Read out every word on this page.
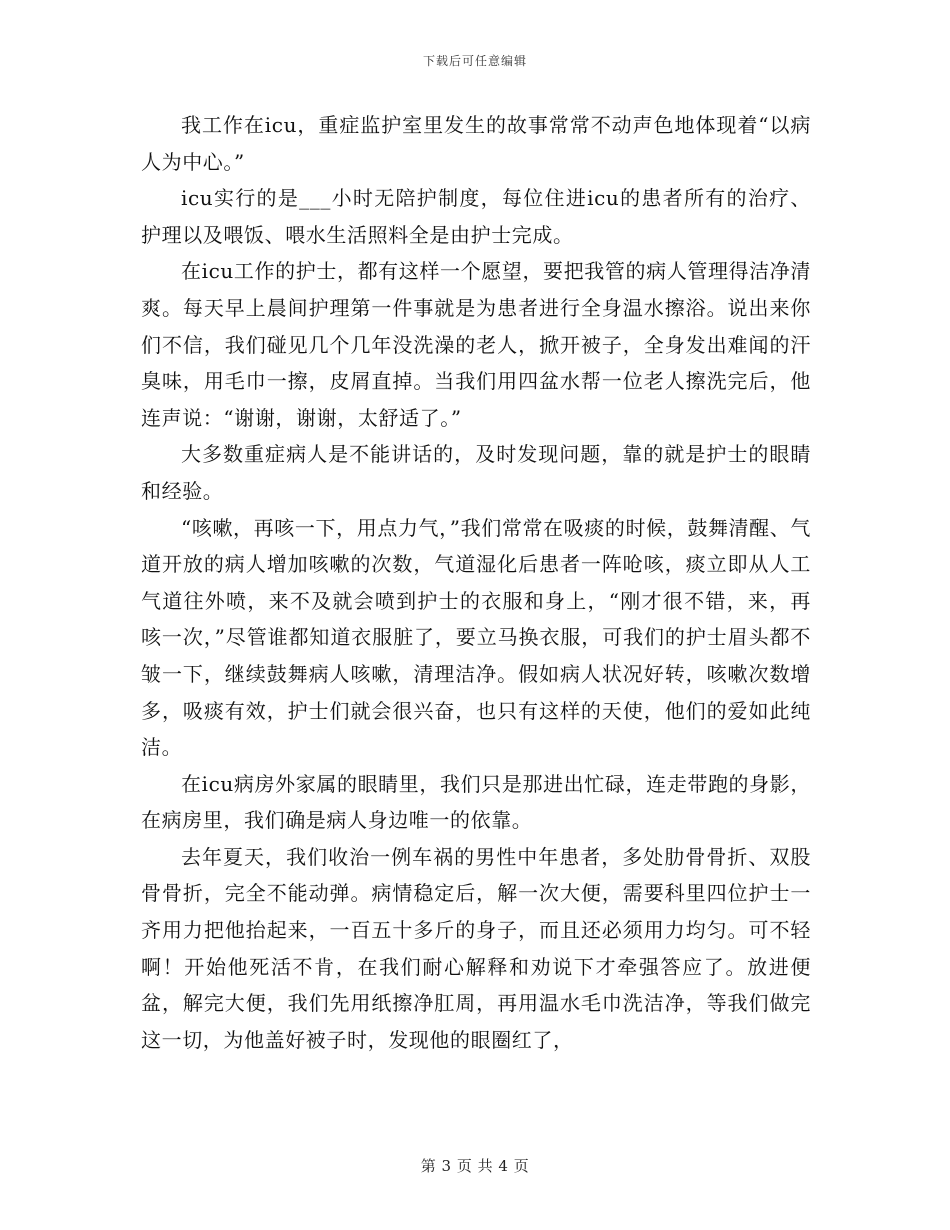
下载后可任意编辑

我工作在icu，重症监护室里发生的故事常常不动声色地体现着“以病人为中心。”

icu实行的是___小时无陪护制度，每位住进icu的患者所有的治疗、护理以及喂饭、喂水生活照料全是由护士完成。

在icu工作的护士，都有这样一个愿望，要把我管的病人管理得洁净清爽。每天早上晨间护理第一件事就是为患者进行全身温水擦浴。说出来你们不信，我们碰见几个几年没洗澡的老人，掀开被子，全身发出难闻的汗臭味，用毛巾一擦，皮屑直掉。当我们用四盆水帮一位老人擦洗完后，他连声说：“谢谢，谢谢，太舒适了。”

大多数重症病人是不能讲话的，及时发现问题，靠的就是护士的眼睛和经验。

“咳嗽，再咳一下，用点力气，”我们常常在吸痰的时候，鼓舞清醒、气道开放的病人增加咳嗽的次数，气道湿化后患者一阵呛咳，痰立即从人工气道往外喷，来不及就会喷到护士的衣服和身上，“刚才很不错，来，再咳一次，”尽管谁都知道衣服脏了，要立马换衣服，可我们的护士眉头都不皱一下，继续鼓舞病人咳嗽，清理洁净。假如病人状况好转，咳嗽次数增多，吸痰有效，护士们就会很兴奋，也只有这样的天使，他们的爱如此纯洁。

在icu病房外家属的眼睛里，我们只是那进出忙碌，连走带跑的身影，在病房里，我们确是病人身边唯一的依靠。

去年夏天，我们收治一例车祸的男性中年患者，多处肋骨骨折、双股骨骨折，完全不能动弹。病情稳定后，解一次大便，需要科里四位护士一齐用力把他抬起来，一百五十多斤的身子，而且还必须用力均匀。可不轻啊！开始他死活不肯，在我们耐心解释和劝说下才牵强答应了。放进便盆，解完大便，我们先用纸擦净肛周，再用温水毛巾洗洁净，等我们做完这一切，为他盖好被子时，发现他的眼圈红了，

第 3 页 共 4 页
